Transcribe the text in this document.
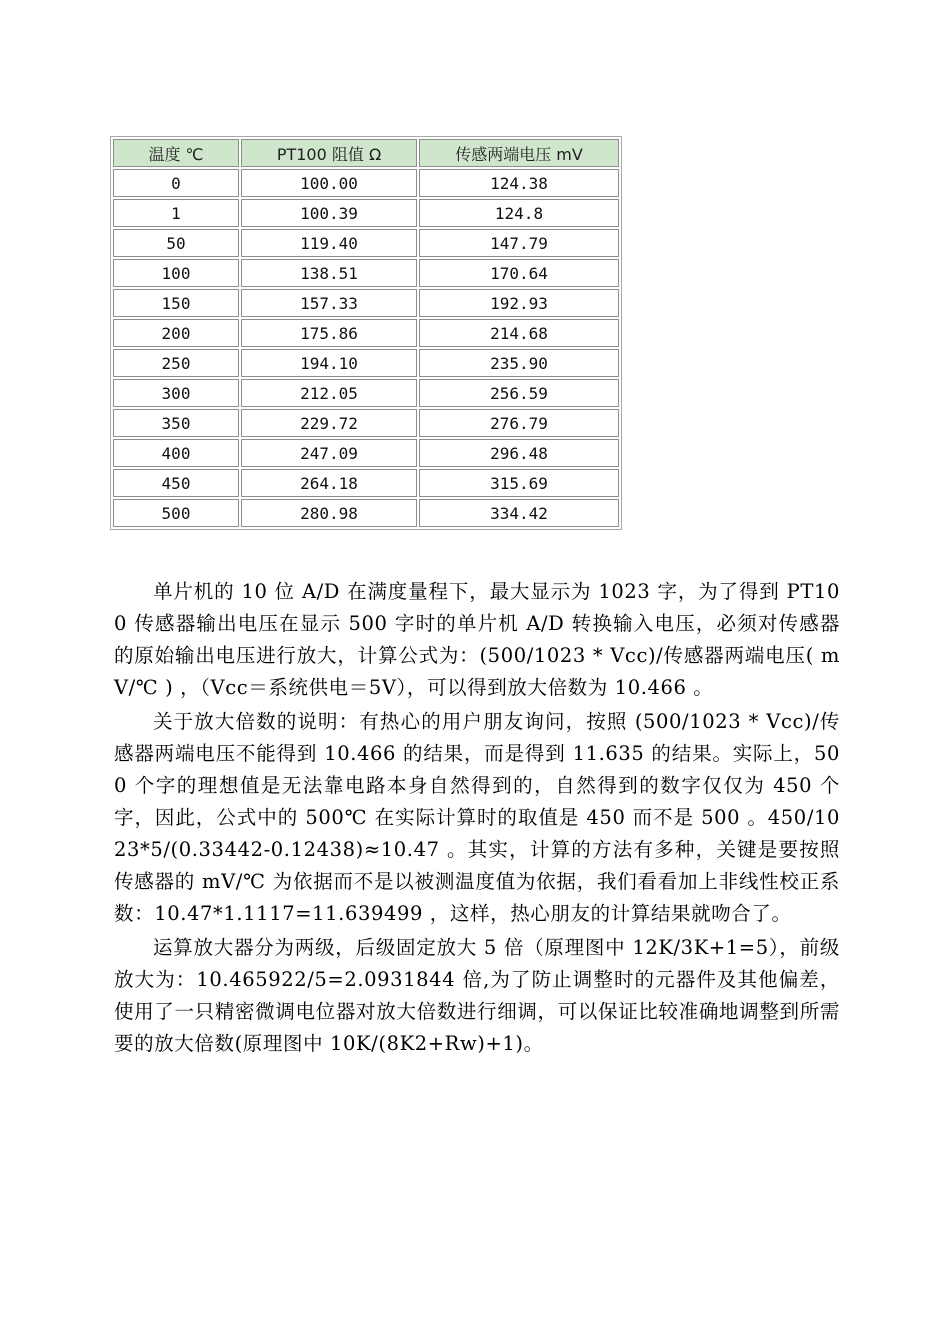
温度 ℃	PT100 阻值 Ω	传感两端电压 mV
0	100.00	124.38
1	100.39	124.8
50	119.40	147.79
100	138.51	170.64
150	157.33	192.93
200	175.86	214.68
250	194.10	235.90
300	212.05	256.59
350	229.72	276.79
400	247.09	296.48
450	264.18	315.69
500	280.98	334.42

单片机的 10 位 A/D 在满度量程下，最大显示为 1023 字，为了得到 PT100 传感器输出电压在显示 500 字时的单片机 A/D 转换输入电压，必须对传感器的原始输出电压进行放大，计算公式为：(500/1023 * Vcc)/传感器两端电压( mV/℃ ) ，（Vcc＝系统供电＝5V），可以得到放大倍数为 10.466 。

关于放大倍数的说明：有热心的用户朋友询问，按照 (500/1023 * Vcc)/传感器两端电压不能得到 10.466 的结果，而是得到 11.635 的结果。实际上，500 个字的理想值是无法靠电路本身自然得到的，自然得到的数字仅仅为 450 个字，因此，公式中的 500℃ 在实际计算时的取值是 450 而不是 500 。450/1023*5/(0.33442-0.12438)≈10.47 。其实，计算的方法有多种，关键是要按照传感器的 mV/℃ 为依据而不是以被测温度值为依据，我们看看加上非线性校正系数：10.47*1.1117=11.639499 ，这样，热心朋友的计算结果就吻合了。

运算放大器分为两级，后级固定放大 5 倍（原理图中 12K/3K+1=5），前级放大为：10.465922/5=2.0931844 倍,为了防止调整时的元器件及其他偏差，使用了一只精密微调电位器对放大倍数进行细调，可以保证比较准确地调整到所需要的放大倍数(原理图中 10K/(8K2+Rw)+1)。
